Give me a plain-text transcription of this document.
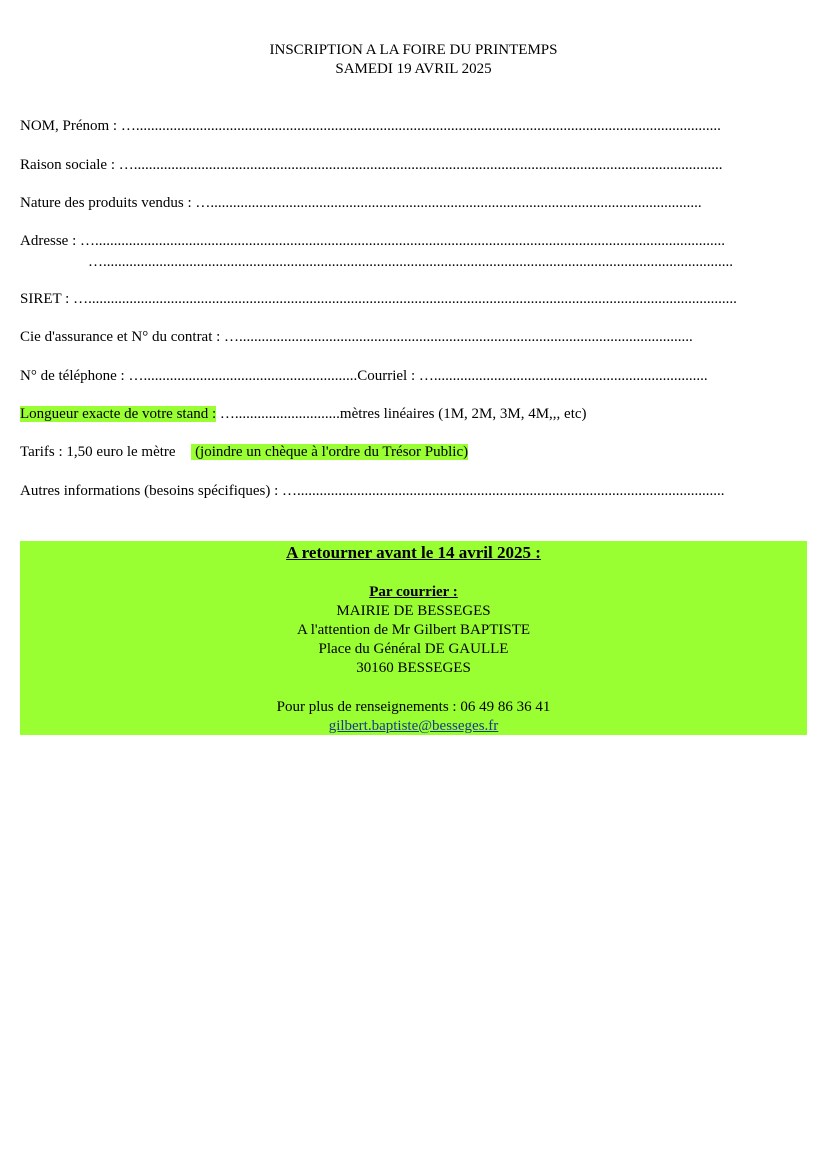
INSCRIPTION A LA FOIRE DU PRINTEMPS
SAMEDI 19 AVRIL 2025
NOM, Prénom : …............................................................................................................................................................
Raison sociale : ….............................................................................................................................................................
Nature des produits vendus : …...................................................................................................................................
Adresse : …........................................................................................................................................................................
…........................................................................................................................................................................
SIRET : ….............................................................................................................................................................................
Cie d'assurance et N° du contrat : ….........................................................................................................................
N° de téléphone : ….........................................................Courriel : ….........................................................................
Longueur exacte de votre stand : …............................mètres linéaires (1M, 2M, 3M, 4M,,, etc)
Tarifs : 1,50 euro le mètre (joindre un chèque à l'ordre du Trésor Public)
Autres informations (besoins spécifiques) : …..................................................................................................................
A retourner avant le 14 avril 2025 :
Par courrier :
MAIRIE DE BESSEGES
A l'attention de Mr Gilbert BAPTISTE
Place du Général DE GAULLE
30160 BESSEGES
Pour plus de renseignements : 06 49 86 36 41
gilbert.baptiste@besseges.fr
